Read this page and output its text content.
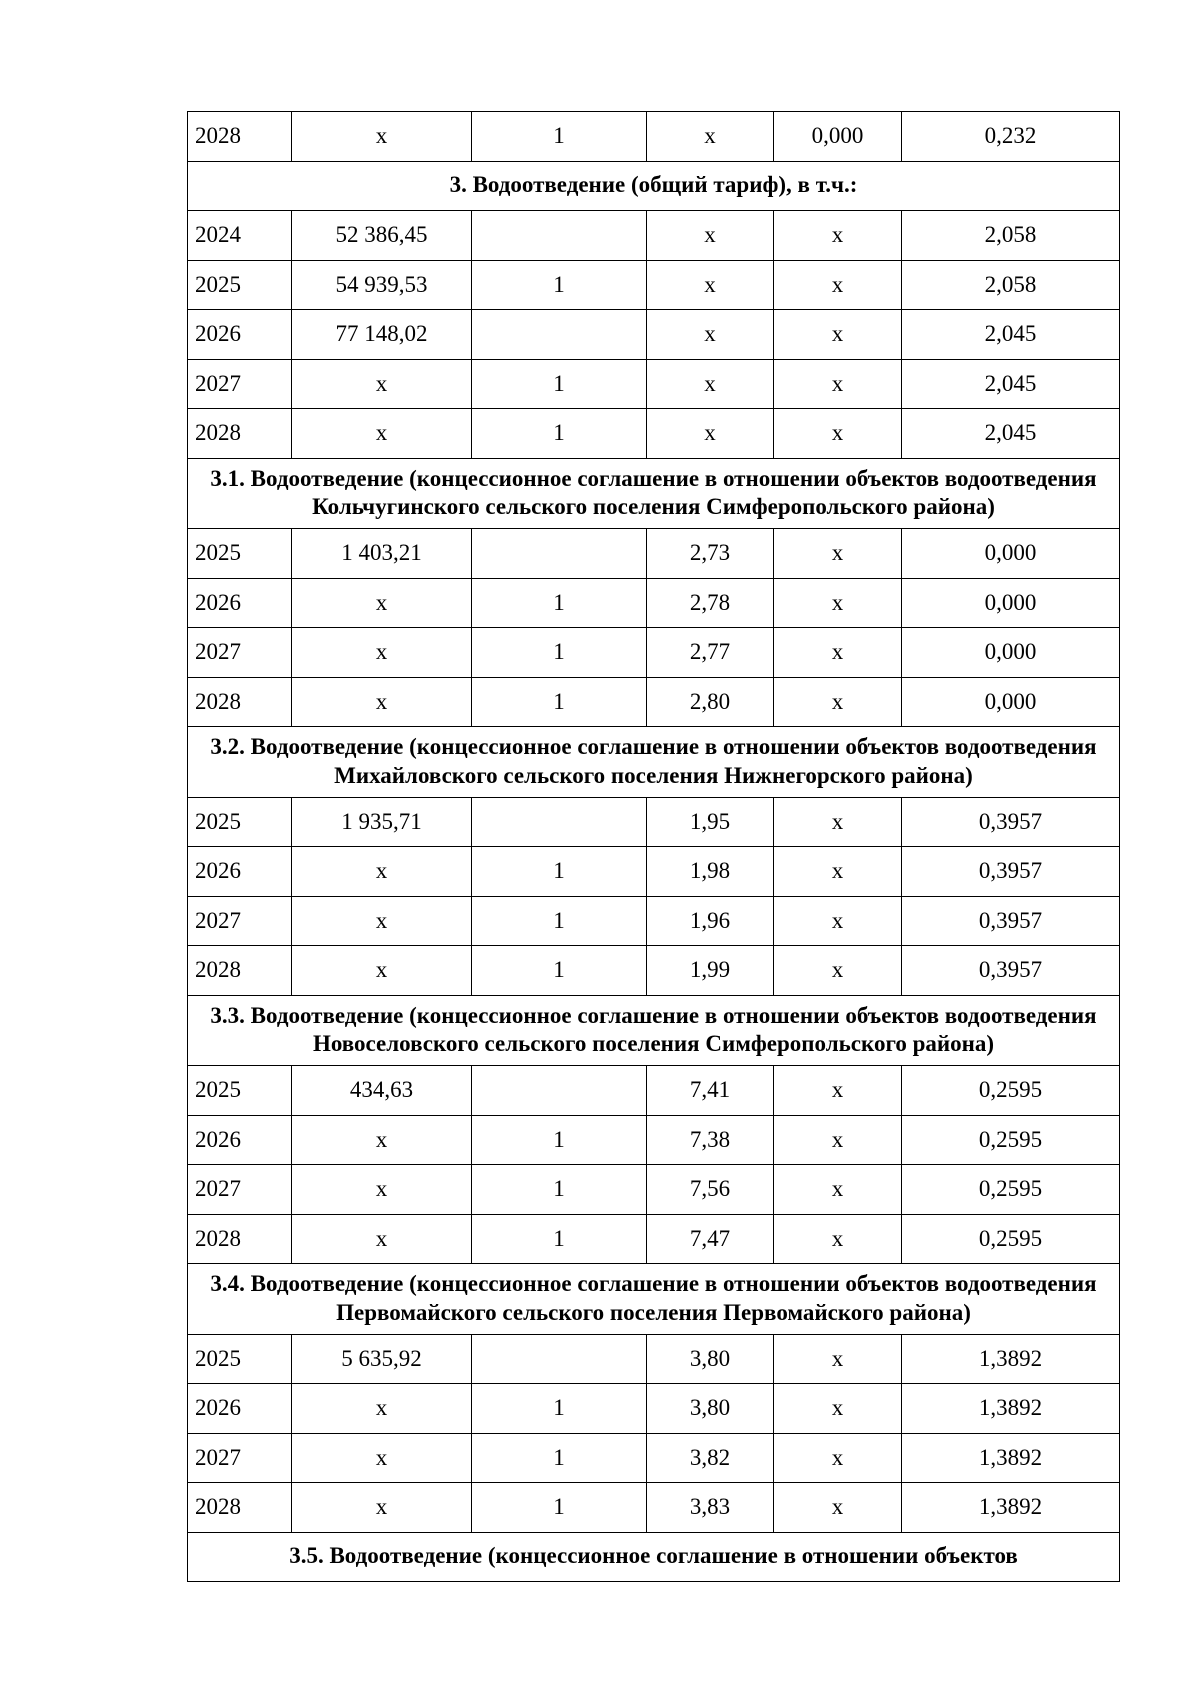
2028	x	1	x	0,000	0,232
3. Водоотведение (общий тариф), в т.ч.:					
2024	52 386,45		x	x	2,058
2025	54 939,53	1	x	x	2,058
2026	77 148,02		x	x	2,045
2027	x	1	x	x	2,045
2028	x	1	x	x	2,045
3.1. Водоотведение (концессионное соглашение в отношении объектов водоотведения Кольчугинского сельского поселения Симферопольского района)					
2025	1 403,21		2,73	x	0,000
2026	x	1	2,78	x	0,000
2027	x	1	2,77	x	0,000
2028	x	1	2,80	x	0,000
3.2. Водоотведение (концессионное соглашение в отношении объектов водоотведения Михайловского сельского поселения Нижнегорского района)					
2025	1 935,71		1,95	x	0,3957
2026	x	1	1,98	x	0,3957
2027	x	1	1,96	x	0,3957
2028	x	1	1,99	x	0,3957
3.3. Водоотведение (концессионное соглашение в отношении объектов водоотведения Новоселовского сельского поселения Симферопольского района)					
2025	434,63		7,41	x	0,2595
2026	x	1	7,38	x	0,2595
2027	x	1	7,56	x	0,2595
2028	x	1	7,47	x	0,2595
3.4. Водоотведение (концессионное соглашение в отношении объектов водоотведения Первомайского сельского поселения Первомайского района)					
2025	5 635,92		3,80	x	1,3892
2026	x	1	3,80	x	1,3892
2027	x	1	3,82	x	1,3892
2028	x	1	3,83	x	1,3892
3.5. Водоотведение (концессионное соглашение в отношении объектов					
